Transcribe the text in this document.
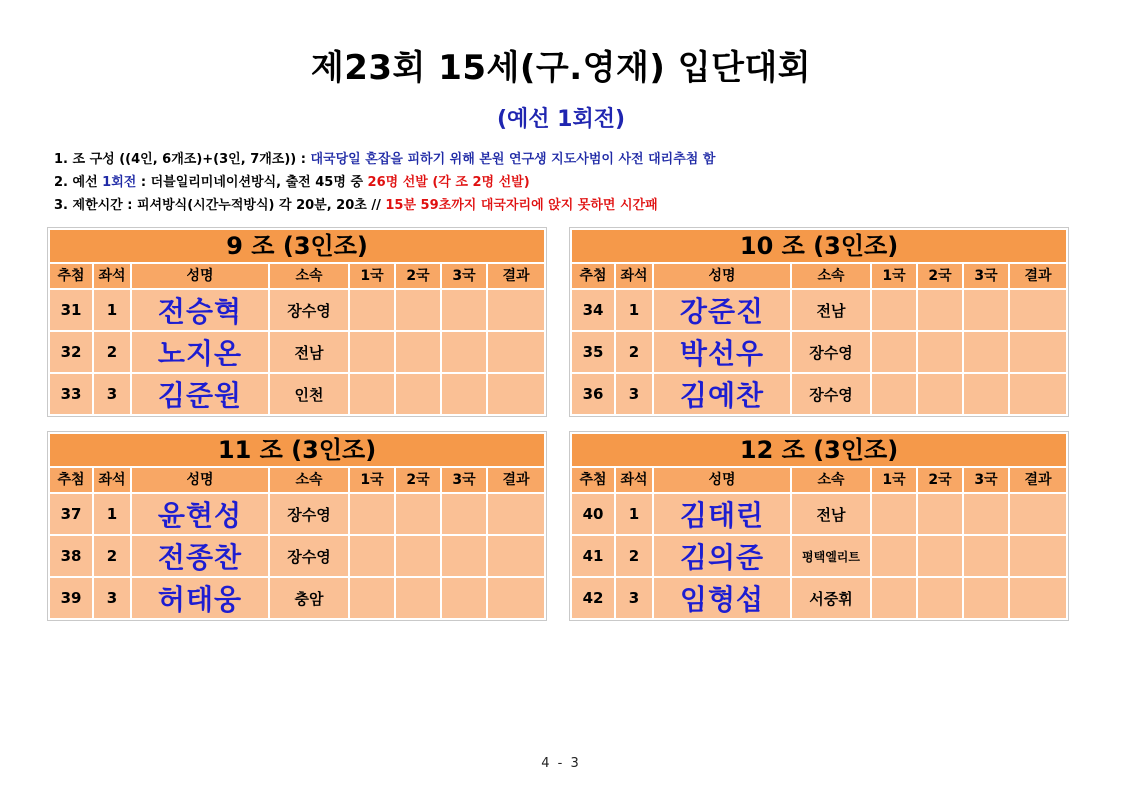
제23회 15세(구.영재) 입단대회
(예선 1회전)
1. 조 구성 ((4인, 6개조)+(3인, 7개조)) : 대국당일 혼잡을 피하기 위해 본원 연구생 지도사범이 사전 대리추첨 함
2. 예선 1회전 : 더블일리미네이션방식, 출전 45명 중 26명 선발 (각 조 2명 선발)
3. 제한시간 : 피셔방식(시간누적방식) 각 20분, 20초 // 15분 59초까지 대국자리에 앉지 못하면 시간패
9 조 (3인조)							
추첨	좌석	성명	소속	1국	2국	3국	결과
31	1	전승혁	장수영				
32	2	노지온	전남				
33	3	김준원	인천				
10 조 (3인조)							
추첨	좌석	성명	소속	1국	2국	3국	결과
34	1	강준진	전남				
35	2	박선우	장수영				
36	3	김예찬	장수영				
11 조 (3인조)							
추첨	좌석	성명	소속	1국	2국	3국	결과
37	1	윤현성	장수영				
38	2	전종찬	장수영				
39	3	허태웅	충암				
12 조 (3인조)							
추첨	좌석	성명	소속	1국	2국	3국	결과
40	1	김태린	전남				
41	2	김의준	평택엘리트				
42	3	임형섭	서중휘				
4 - 3
